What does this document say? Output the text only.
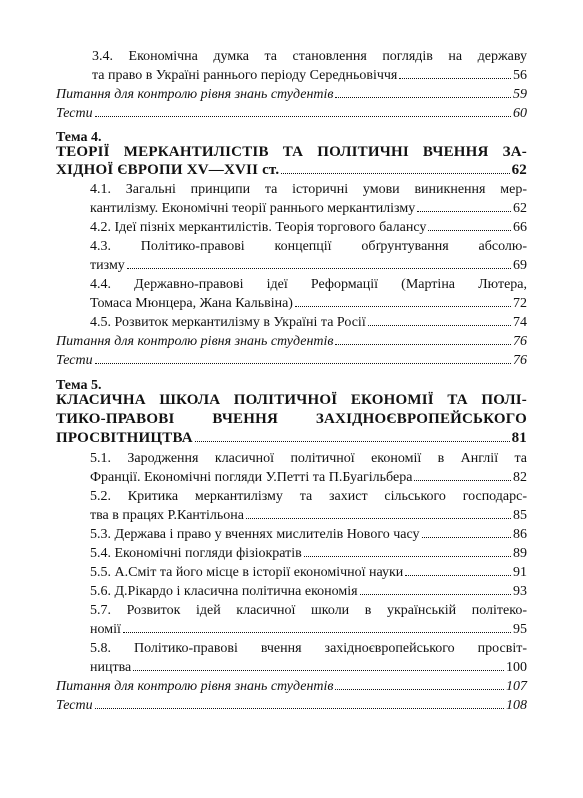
3.4. Економічна думка та становлення поглядів на державу
та право в Україні раннього періоду Середньовіччя	56
Питання для контролю рівня знань студентів	59
Тести	60
Тема 4.
ТЕОРІЇ МЕРКАНТИЛІСТІВ ТА ПОЛІТИЧНІ ВЧЕННЯ ЗА-
ХІДНОЇ ЄВРОПИ XV—XVII ст.	62
4.1. Загальні принципи та історичні умови виникнення мер-
кантилізму. Економічні теорії раннього меркантилізму	62
4.2. Ідеї пізніх меркантилістів. Теорія торгового балансу	66
4.3. Політико-правові концепції обґрунтування абсолю-
тизму	69
4.4. Державно-правові ідеї Реформації (Мартіна Лютера,
Томаса Мюнцера, Жана Кальвіна)	72
4.5. Розвиток меркантилізму в Україні та Росії	74
Питання для контролю рівня знань студентів	76
Тести	76
Тема 5.
КЛАСИЧНА ШКОЛА ПОЛІТИЧНОЇ ЕКОНОМІЇ ТА ПОЛІ-
ТИКО-ПРАВОВІ ВЧЕННЯ ЗАХІДНОЄВРОПЕЙСЬКОГО
ПРОСВІТНИЦТВА	81
5.1. Зародження класичної політичної економії в Англії та
Франції. Економічні погляди У.Петті та П.Буагільбера	82
5.2. Критика меркантилізму та захист сільського господарс-
тва в працях Р.Кантільона	85
5.3. Держава і право у вченнях мислителів Нового часу	86
5.4. Економічні погляди фізіократів	89
5.5. А.Сміт та його місце в історії економічної науки	91
5.6. Д.Рікардо і класична політична економія	93
5.7. Розвиток ідей класичної школи в українській політеко-
номії	95
5.8. Політико-правові вчення західноєвропейського просвіт-
ництва	100
Питання для контролю рівня знань студентів	107
Тести	108
